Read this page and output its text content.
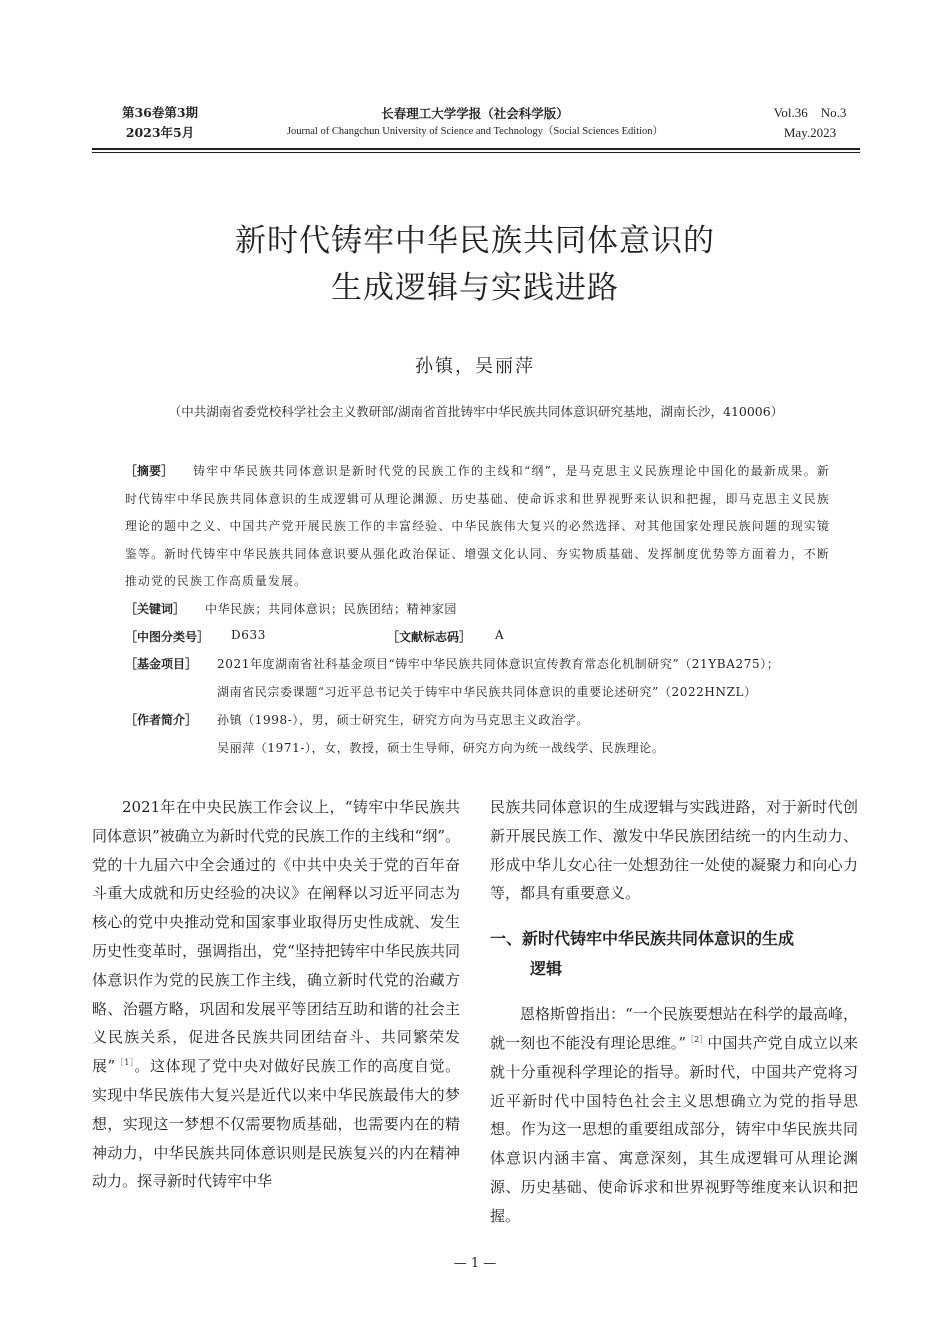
第36卷第3期
2023年5月
长春理工大学学报（社会科学版）
Journal of Changchun University of Science and Technology（Social Sciences Edition）
Vol.36　No.3
May.2023
新时代铸牢中华民族共同体意识的
生成逻辑与实践进路
孙镇，吴丽萍
（中共湖南省委党校科学社会主义教研部/湖南省首批铸牢中华民族共同体意识研究基地，湖南长沙，410006）
［摘要］ 铸牢中华民族共同体意识是新时代党的民族工作的主线和“纲”，是马克思主义民族理论中国化的最新成果。新时代铸牢中华民族共同体意识的生成逻辑可从理论渊源、历史基础、使命诉求和世界视野来认识和把握，即马克思主义民族理论的题中之义、中国共产党开展民族工作的丰富经验、中华民族伟大复兴的必然选择、对其他国家处理民族问题的现实镜鉴等。新时代铸牢中华民族共同体意识要从强化政治保证、增强文化认同、夯实物质基础、发挥制度优势等方面着力，不断推动党的民族工作高质量发展。
［关键词］ 中华民族；共同体意识；民族团结；精神家园
［中图分类号］ D633	［文献标志码］ A
［基金项目］ 2021年度湖南省社科基金项目“铸牢中华民族共同体意识宣传教育常态化机制研究”（21YBA275）；
湖南省民宗委课题“习近平总书记关于铸牢中华民族共同体意识的重要论述研究”（2022HNZL）
［作者简介］ 孙镇（1998-），男，硕士研究生，研究方向为马克思主义政治学。
吴丽萍（1971-），女，教授，硕士生导师，研究方向为统一战线学、民族理论。

2021年在中央民族工作会议上，“铸牢中华民族共同体意识”被确立为新时代党的民族工作的主线和“纲”。党的十九届六中全会通过的《中共中央关于党的百年奋斗重大成就和历史经验的决议》在阐释以习近平同志为核心的党中央推动党和国家事业取得历史性成就、发生历史性变革时，强调指出，党“坚持把铸牢中华民族共同体意识作为党的民族工作主线，确立新时代党的治藏方略、治疆方略，巩固和发展平等团结互助和谐的社会主义民族关系，促进各民族共同团结奋斗、共同繁荣发展”$^{[1]}$。这体现了党中央对做好民族工作的高度自觉。实现中华民族伟大复兴是近代以来中华民族最伟大的梦想，实现这一梦想不仅需要物质基础，也需要内在的精神动力，中华民族共同体意识则是民族复兴的内在精神动力。探寻新时代铸牢中华

民族共同体意识的生成逻辑与实践进路，对于新时代创新开展民族工作、激发中华民族团结统一的内生动力、形成中华儿女心往一处想劲往一处使的凝聚力和向心力等，都具有重要意义。

一、新时代铸牢中华民族共同体意识的生成
逻辑

恩格斯曾指出：“一个民族要想站在科学的最高峰，就一刻也不能没有理论思维。”$^{[2]}$中国共产党自成立以来就十分重视科学理论的指导。新时代，中国共产党将习近平新时代中国特色社会主义思想确立为党的指导思想。作为这一思想的重要组成部分，铸牢中华民族共同体意识内涵丰富、寓意深刻，其生成逻辑可从理论渊源、历史基础、使命诉求和世界视野等维度来认识和把握。

— 1 —
